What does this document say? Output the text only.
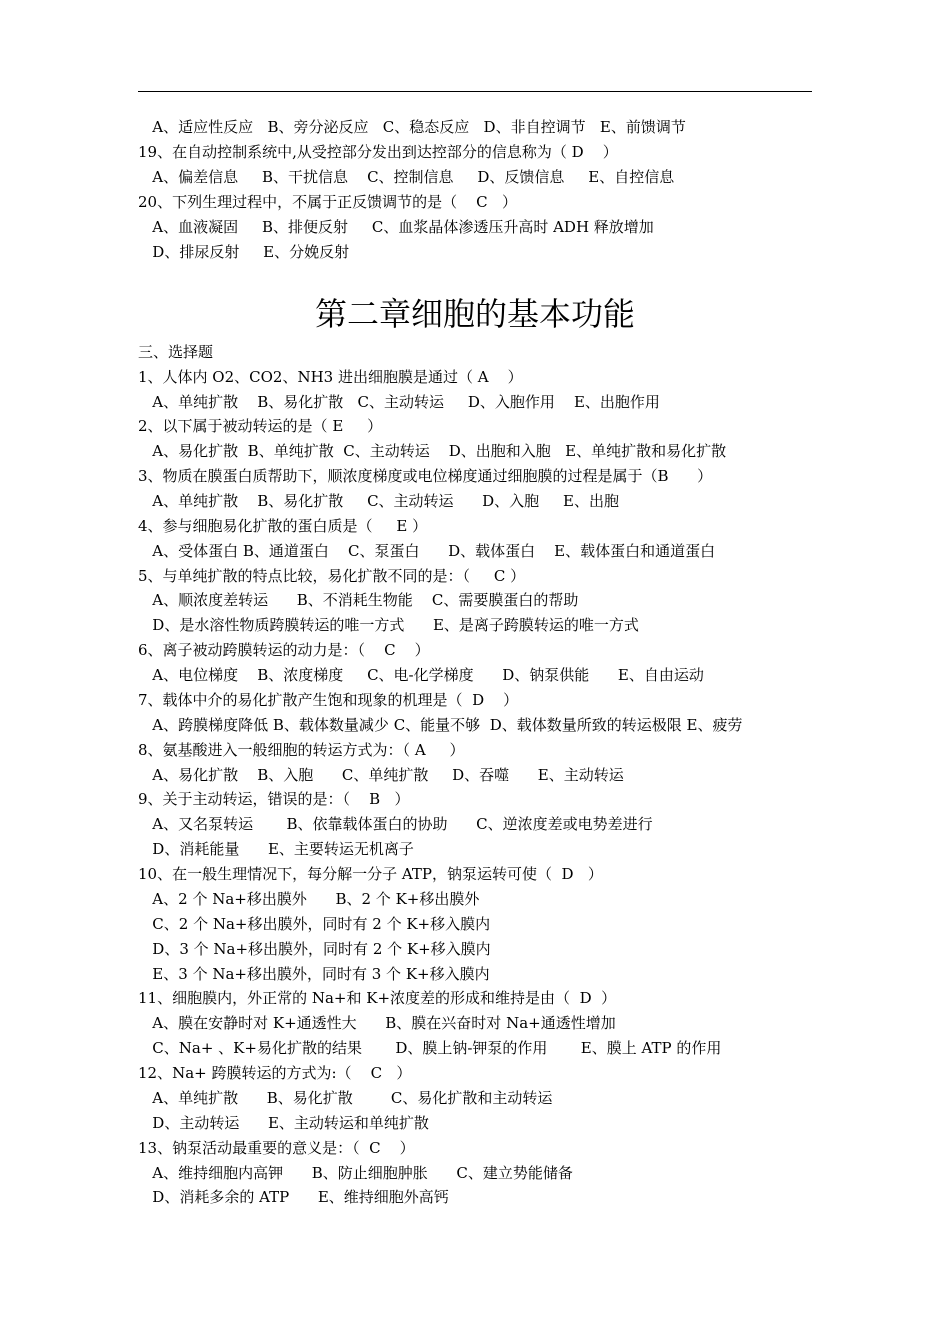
A、适应性反应   B、旁分泌反应   C、稳态反应   D、非自控调节   E、前馈调节
19、在自动控制系统中,从受控部分发出到达控部分的信息称为（ D    ）
A、偏差信息     B、干扰信息    C、控制信息     D、反馈信息     E、自控信息
20、下列生理过程中，不属于正反馈调节的是（    C   ）
A、血液凝固     B、排便反射     C、血浆晶体渗透压升高时 ADH 释放增加
D、排尿反射     E、分娩反射
第二章细胞的基本功能
三、选择题
1、人体内 O2、CO2、NH3 进出细胞膜是通过（ A    ）
A、单纯扩散    B、易化扩散   C、主动转运     D、入胞作用    E、出胞作用
2、以下属于被动转运的是（ E     ）
A、易化扩散  B、单纯扩散  C、主动转运    D、出胞和入胞   E、单纯扩散和易化扩散
3、物质在膜蛋白质帮助下，顺浓度梯度或电位梯度通过细胞膜的过程是属于（B      ）
A、单纯扩散    B、易化扩散     C、主动转运      D、入胞     E、出胞
4、参与细胞易化扩散的蛋白质是（     E ）
A、受体蛋白 B、通道蛋白    C、泵蛋白      D、载体蛋白    E、载体蛋白和通道蛋白
5、与单纯扩散的特点比较，易化扩散不同的是：（     C ）
A、顺浓度差转运      B、不消耗生物能    C、需要膜蛋白的帮助
D、是水溶性物质跨膜转运的唯一方式      E、是离子跨膜转运的唯一方式
6、离子被动跨膜转运的动力是：（    C    ）
A、电位梯度    B、浓度梯度     C、电-化学梯度      D、钠泵供能      E、自由运动
7、载体中介的易化扩散产生饱和现象的机理是（  D    ）
A、跨膜梯度降低 B、载体数量减少 C、能量不够  D、载体数量所致的转运极限 E、疲劳
8、氨基酸进入一般细胞的转运方式为：（ A     ）
A、易化扩散    B、入胞      C、单纯扩散     D、吞噬      E、主动转运
9、关于主动转运，错误的是：（    B   ）
A、又名泵转运       B、依靠载体蛋白的协助      C、逆浓度差或电势差进行
D、消耗能量      E、主要转运无机离子
10、在一般生理情况下，每分解一分子 ATP，钠泵运转可使（  D   ）
A、2 个 Na+移出膜外      B、2 个 K+移出膜外
C、2 个 Na+移出膜外，同时有 2 个 K+移入膜内
D、3 个 Na+移出膜外，同时有 2 个 K+移入膜内
E、3 个 Na+移出膜外，同时有 3 个 K+移入膜内
11、细胞膜内，外正常的 Na+和 K+浓度差的形成和维持是由（  D  ）
A、膜在安静时对 K+通透性大      B、膜在兴奋时对 Na+通透性增加
C、Na+ 、K+易化扩散的结果       D、膜上钠-钾泵的作用       E、膜上 ATP 的作用
12、Na+ 跨膜转运的方式为:（    C   ）
A、单纯扩散      B、易化扩散        C、易化扩散和主动转运
D、主动转运      E、主动转运和单纯扩散
13、钠泵活动最重要的意义是：（  C    ）
A、维持细胞内高钾      B、防止细胞肿胀      C、建立势能储备
D、消耗多余的 ATP      E、维持细胞外高钙
